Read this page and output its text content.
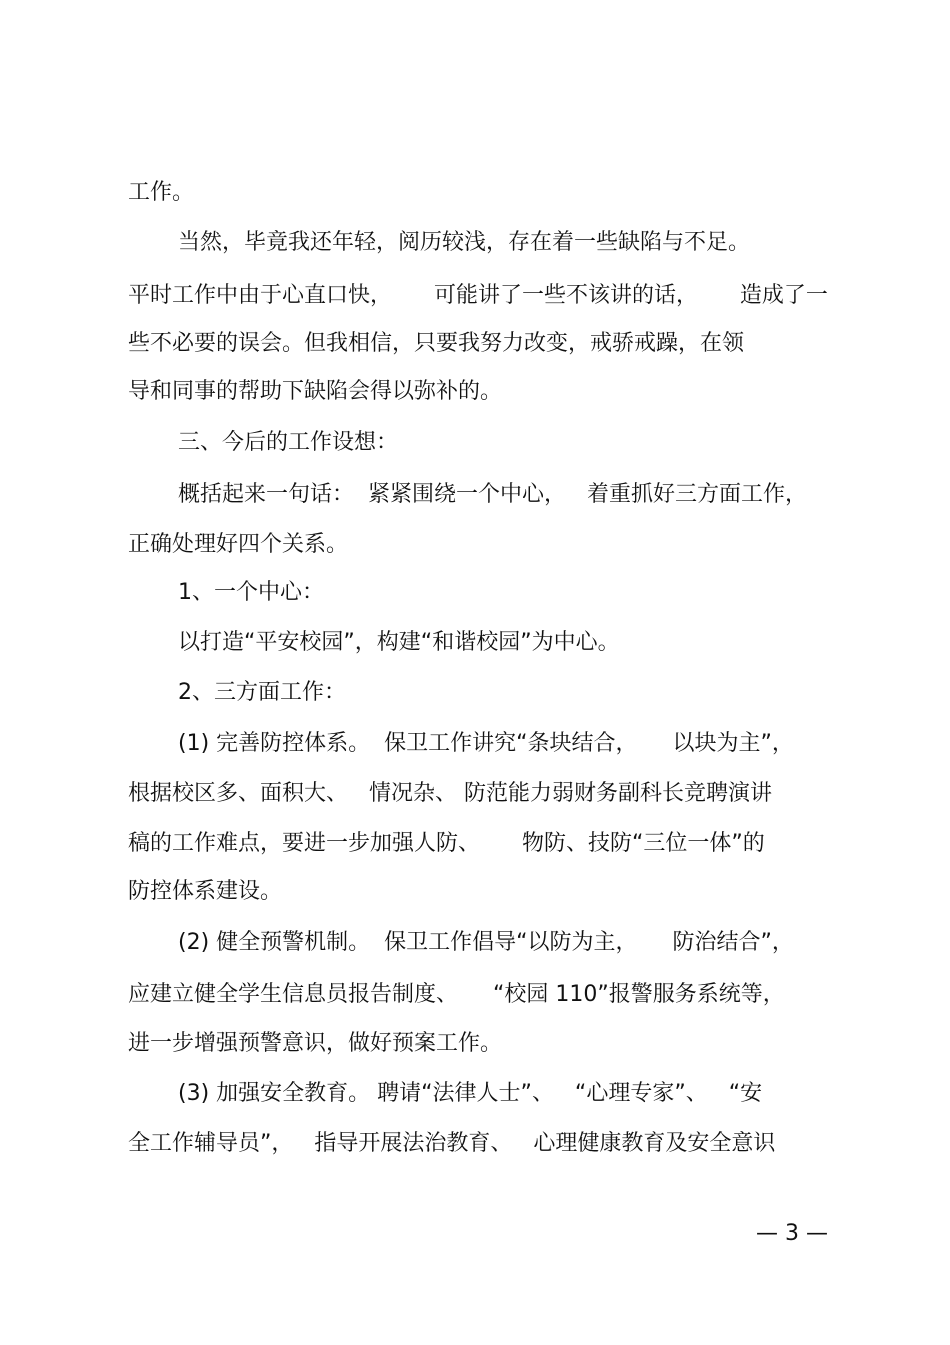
工作。
当然，毕竟我还年轻，阅历较浅，存在着一些缺陷与不足。
平时工作中由于心直口快，      可能讲了一些不该讲的话，      造成了一
些不必要的误会。但我相信，只要我努力改变，戒骄戒躁，在领
导和同事的帮助下缺陷会得以弥补的。
三、今后的工作设想：
概括起来一句话：  紧紧围绕一个中心，   着重抓好三方面工作，
正确处理好四个关系。
1、一个中心：
以打造“平安校园”，构建“和谐校园”为中心。
2、三方面工作：
(1) 完善防控体系。  保卫工作讲究“条块结合，     以块为主”，
根据校区多、面积大、   情况杂、 防范能力弱财务副科长竞聘演讲
稿的工作难点，要进一步加强人防、      物防、技防“三位一体”的
防控体系建设。
(2) 健全预警机制。  保卫工作倡导“以防为主，     防治结合”，
应建立健全学生信息员报告制度、     “校园 110”报警服务系统等，
进一步增强预警意识，做好预案工作。
(3) 加强安全教育。 聘请“法律人士”、   “心理专家”、   “安
全工作辅导员”，   指导开展法治教育、   心理健康教育及安全意识
— 3 —
